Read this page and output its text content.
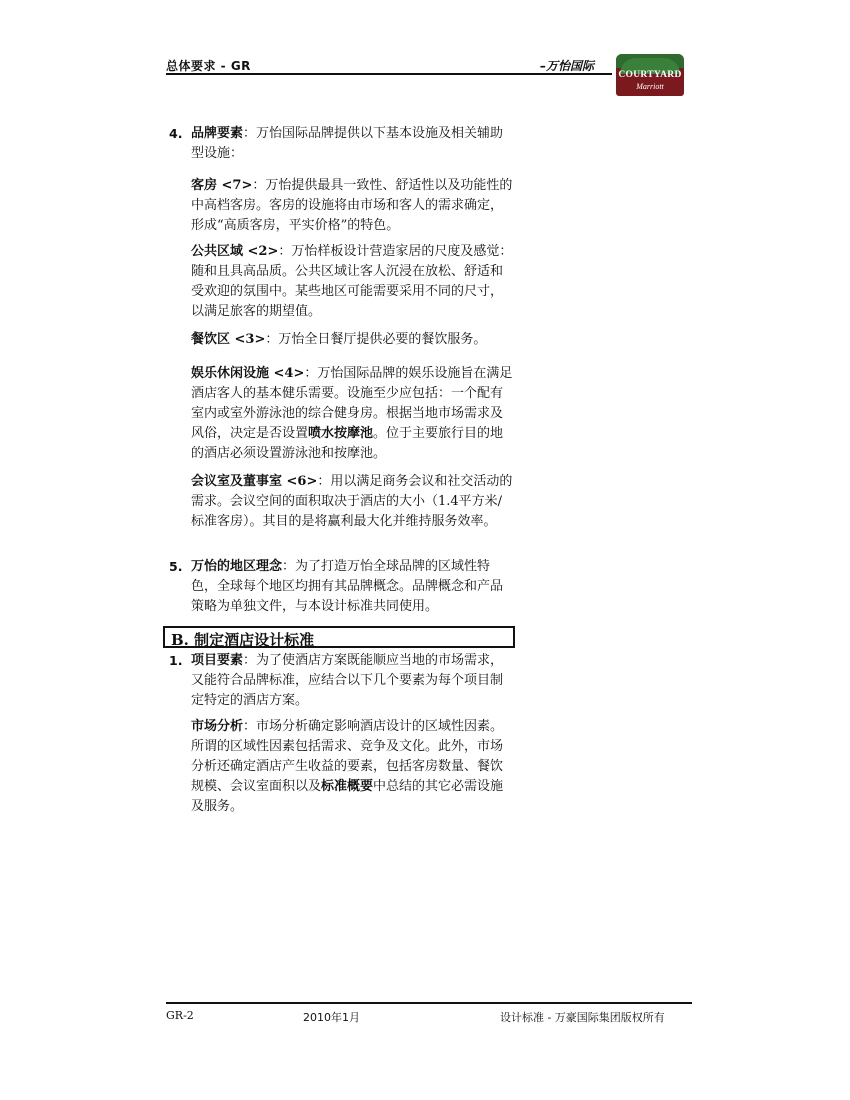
总体要求 - GR	–万怡国际
COURTYARD
Marriott
4. 品牌要素：万怡国际品牌提供以下基本设施及相关辅助型设施：

客房 <7>：万怡提供最具一致性、舒适性以及功能性的中高档客房。客房的设施将由市场和客人的需求确定，形成“高质客房，平实价格”的特色。

公共区域 <2>：万怡样板设计营造家居的尺度及感觉：随和且具高品质。公共区域让客人沉浸在放松、舒适和受欢迎的氛围中。某些地区可能需要采用不同的尺寸，以满足旅客的期望值。

餐饮区 <3>：万怡全日餐厅提供必要的餐饮服务。

娱乐休闲设施 <4>：万怡国际品牌的娱乐设施旨在满足酒店客人的基本健乐需要。设施至少应包括：一个配有室内或室外游泳池的综合健身房。根据当地市场需求及风俗，决定是否设置喷水按摩池。位于主要旅行目的地的酒店必须设置游泳池和按摩池。

会议室及董事室 <6>：用以满足商务会议和社交活动的需求。会议空间的面积取决于酒店的大小（1.4平方米/标准客房）。其目的是将赢利最大化并维持服务效率。

5. 万怡的地区理念：为了打造万怡全球品牌的区域性特色，全球每个地区均拥有其品牌概念。品牌概念和产品策略为单独文件，与本设计标准共同使用。

B. 制定酒店设计标准
1. 项目要素：为了使酒店方案既能顺应当地的市场需求，又能符合品牌标准，应结合以下几个要素为每个项目制定特定的酒店方案。

市场分析：市场分析确定影响酒店设计的区域性因素。所谓的区域性因素包括需求、竞争及文化。此外，市场分析还确定酒店产生收益的要素，包括客房数量、餐饮规模、会议室面积以及标准概要中总结的其它必需设施及服务。

GR-2	2010年1月	设计标准 - 万豪国际集团版权所有
